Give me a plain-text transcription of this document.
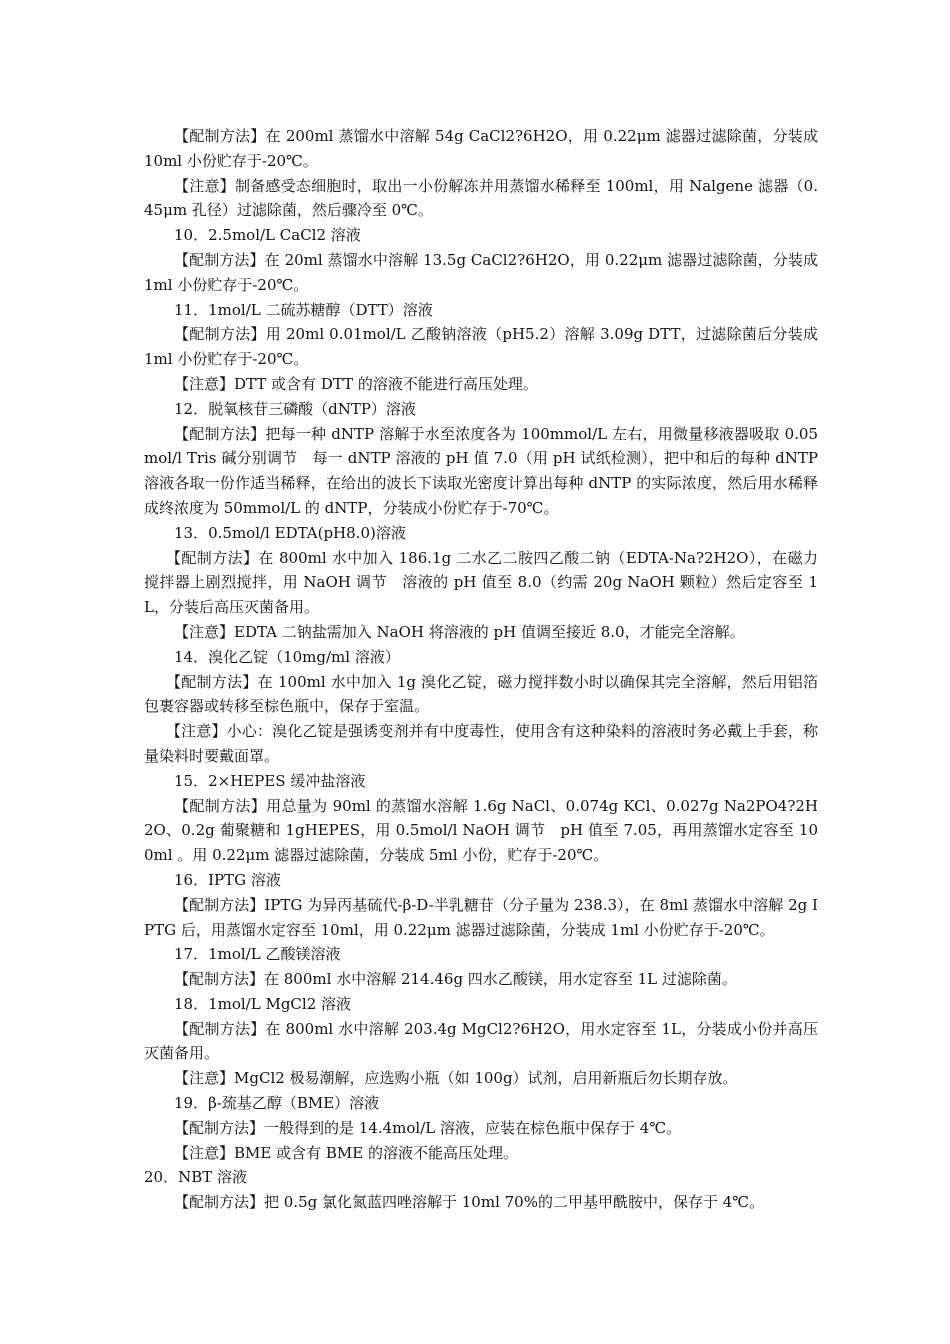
【配制方法】在 200ml 蒸馏水中溶解 54g CaCl2?6H2O，用 0.22μm 滤器过滤除菌，分装成 10ml 小份贮存于-20℃。

【注意】制备感受态细胞时，取出一小份解冻并用蒸馏水稀释至 100ml，用 Nalgene 滤器（0.45μm 孔径）过滤除菌，然后骤冷至 0℃。

10．2.5mol/L CaCl2 溶液

【配制方法】在 20ml 蒸馏水中溶解 13.5g CaCl2?6H2O，用 0.22μm 滤器过滤除菌，分装成 1ml 小份贮存于-20℃。

11．1mol/L 二硫苏糖醇（DTT）溶液

【配制方法】用 20ml 0.01mol/L 乙酸钠溶液（pH5.2）溶解 3.09g DTT，过滤除菌后分装成 1ml 小份贮存于-20℃。

【注意】DTT 或含有 DTT 的溶液不能进行高压处理。

12．脱氧核苷三磷酸（dNTP）溶液

【配制方法】把每一种 dNTP 溶解于水至浓度各为 100mmol/L 左右，用微量移液器吸取 0.05mol/l Tris 碱分别调节　每一 dNTP 溶液的 pH 值 7.0（用 pH 试纸检测），把中和后的每种 dNTP 溶液各取一份作适当稀释，在给出的波长下读取光密度计算出每种 dNTP 的实际浓度，然后用水稀释成终浓度为 50mmol/L 的 dNTP，分装成小份贮存于-70℃。

13．0.5mol/l EDTA(pH8.0)溶液

【配制方法】在 800ml 水中加入 186.1g 二水乙二胺四乙酸二钠（EDTA-Na?2H2O），在磁力搅拌器上剧烈搅拌，用 NaOH 调节　溶液的 pH 值至 8.0（约需 20g NaOH 颗粒）然后定容至 1L，分装后高压灭菌备用。

【注意】EDTA 二钠盐需加入 NaOH 将溶液的 pH 值调至接近 8.0，才能完全溶解。

14．溴化乙锭（10mg/ml 溶液）

【配制方法】在 100ml 水中加入 1g 溴化乙锭，磁力搅拌数小时以确保其完全溶解，然后用铝箔包裹容器或转移至棕色瓶中，保存于室温。

【注意】小心：溴化乙锭是强诱变剂并有中度毒性，使用含有这种染料的溶液时务必戴上手套，称量染料时要戴面罩。

15．2×HEPES 缓冲盐溶液

【配制方法】用总量为 90ml 的蒸馏水溶解 1.6g NaCl、0.074g KCl、0.027g Na2PO4?2H2O、0.2g 葡聚糖和 1gHEPES，用 0.5mol/l NaOH 调节　pH 值至 7.05，再用蒸馏水定容至 100ml 。用 0.22μm 滤器过滤除菌，分装成 5ml 小份，贮存于-20℃。

16．IPTG 溶液

【配制方法】IPTG 为异丙基硫代-β-D-半乳糖苷（分子量为 238.3），在 8ml 蒸馏水中溶解 2g IPTG 后，用蒸馏水定容至 10ml，用 0.22μm 滤器过滤除菌，分装成 1ml 小份贮存于-20℃。

17．1mol/L 乙酸镁溶液

【配制方法】在 800ml 水中溶解 214.46g 四水乙酸镁，用水定容至 1L 过滤除菌。

18．1mol/L MgCl2 溶液

【配制方法】在 800ml 水中溶解 203.4g MgCl2?6H2O，用水定容至 1L，分装成小份并高压灭菌备用。

【注意】MgCl2 极易潮解，应选购小瓶（如 100g）试剂，启用新瓶后勿长期存放。

19．β-巯基乙醇（BME）溶液

【配制方法】一般得到的是 14.4mol/L 溶液，应装在棕色瓶中保存于 4℃。

【注意】BME 或含有 BME 的溶液不能高压处理。

20．NBT 溶液

【配制方法】把 0.5g 氯化氮蓝四唑溶解于 10ml 70%的二甲基甲酰胺中，保存于 4℃。
